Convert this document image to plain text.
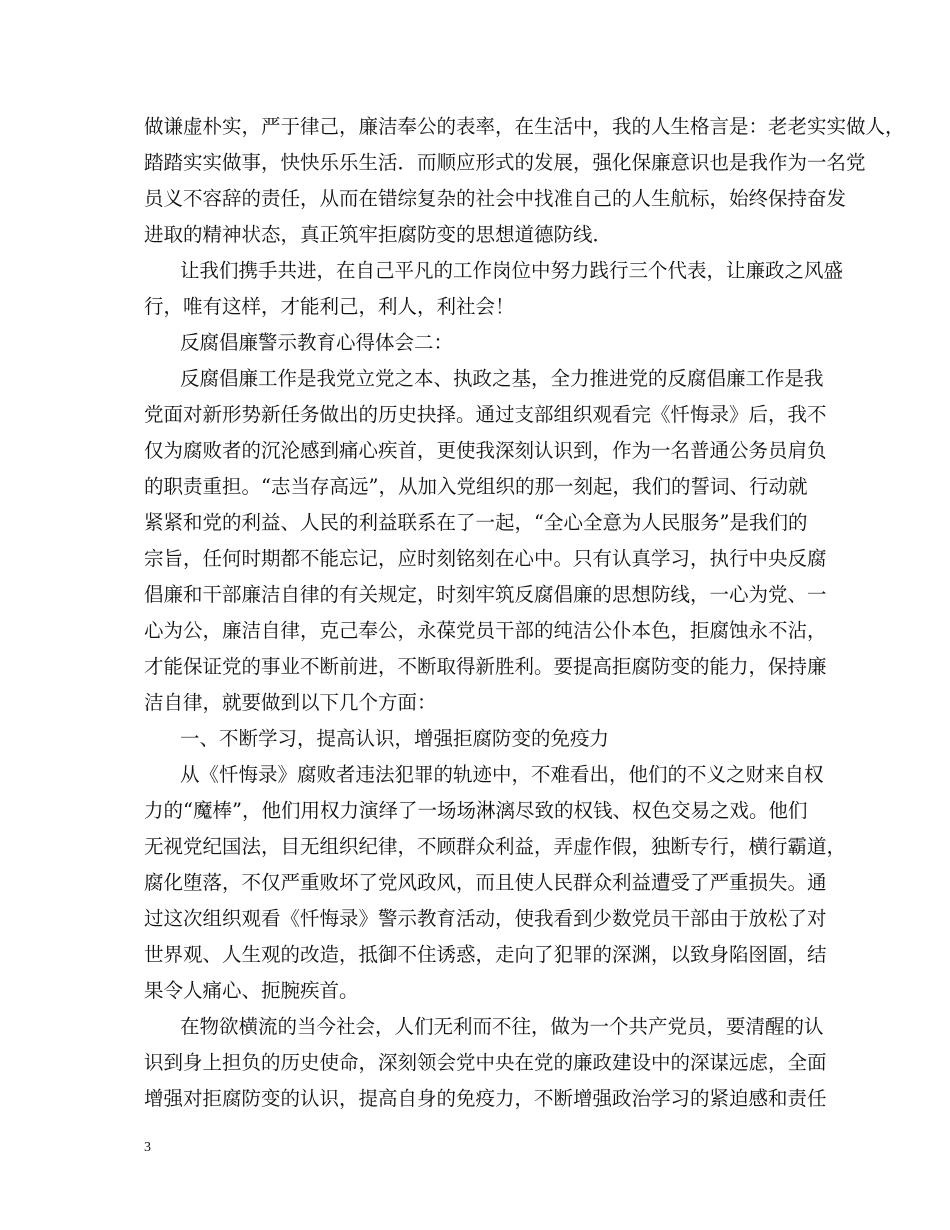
做谦虚朴实，严于律己，廉洁奉公的表率，在生活中，我的人生格言是：老老实实做人，
踏踏实实做事，快快乐乐生活．而顺应形式的发展，强化保廉意识也是我作为一名党
员义不容辞的责任，从而在错综复杂的社会中找准自己的人生航标，始终保持奋发
进取的精神状态，真正筑牢拒腐防变的思想道德防线．
让我们携手共进，在自己平凡的工作岗位中努力践行三个代表，让廉政之风盛
行，唯有这样，才能利己，利人，利社会！
反腐倡廉警示教育心得体会二：
反腐倡廉工作是我党立党之本、执政之基，全力推进党的反腐倡廉工作是我
党面对新形势新任务做出的历史抉择。通过支部组织观看完《忏悔录》后，我不
仅为腐败者的沉沦感到痛心疾首，更使我深刻认识到，作为一名普通公务员肩负
的职责重担。“志当存高远”，从加入党组织的那一刻起，我们的誓词、行动就
紧紧和党的利益、人民的利益联系在了一起，“全心全意为人民服务”是我们的
宗旨，任何时期都不能忘记，应时刻铭刻在心中。只有认真学习，执行中央反腐
倡廉和干部廉洁自律的有关规定，时刻牢筑反腐倡廉的思想防线，一心为党、一
心为公，廉洁自律，克己奉公，永葆党员干部的纯洁公仆本色，拒腐蚀永不沾，
才能保证党的事业不断前进，不断取得新胜利。要提高拒腐防变的能力，保持廉
洁自律，就要做到以下几个方面：
一、不断学习，提高认识，增强拒腐防变的免疫力
从《忏悔录》腐败者违法犯罪的轨迹中，不难看出，他们的不义之财来自权
力的“魔棒”，他们用权力演绎了一场场淋漓尽致的权钱、权色交易之戏。他们
无视党纪国法，目无组织纪律，不顾群众利益，弄虚作假，独断专行，横行霸道，
腐化堕落，不仅严重败坏了党风政风，而且使人民群众利益遭受了严重损失。通
过这次组织观看《忏悔录》警示教育活动，使我看到少数党员干部由于放松了对
世界观、人生观的改造，抵御不住诱惑，走向了犯罪的深渊，以致身陷囹圄，结
果令人痛心、扼腕疾首。
在物欲横流的当今社会，人们无利而不往，做为一个共产党员，要清醒的认
识到身上担负的历史使命，深刻领会党中央在党的廉政建设中的深谋远虑，全面
增强对拒腐防变的认识，提高自身的免疫力，不断增强政治学习的紧迫感和责任
3
